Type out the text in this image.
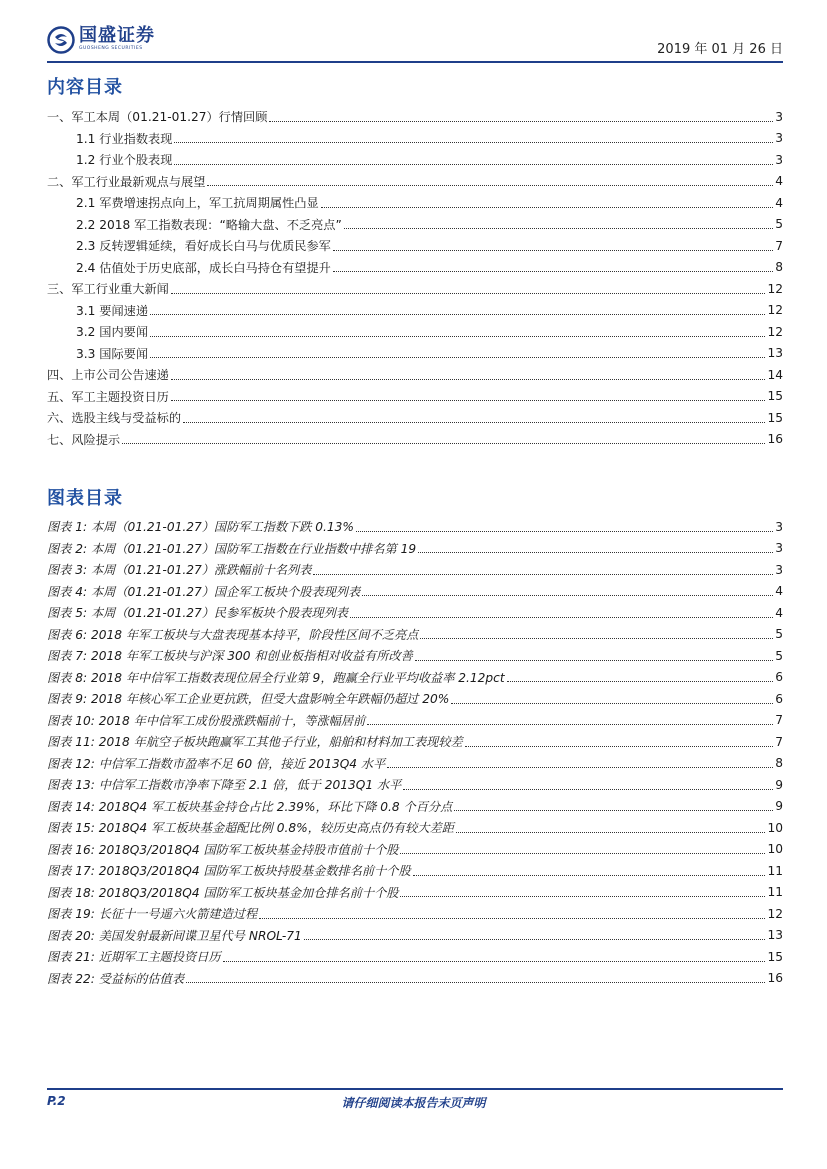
国盛证券
GUOSHENG SECURITIES	2019 年 01 月 26 日
内容目录
一、军工本周（01.21-01.27）行情回顾	3
1.1 行业指数表现	3
1.2 行业个股表现	3
二、军工行业最新观点与展望	4
2.1 军费增速拐点向上，军工抗周期属性凸显	4
2.2 2018 军工指数表现：“略输大盘、不乏亮点”	5
2.3 反转逻辑延续，看好成长白马与优质民参军	7
2.4 估值处于历史底部，成长白马持仓有望提升	8
三、军工行业重大新闻	12
3.1 要闻速递	12
3.2 国内要闻	12
3.3 国际要闻	13
四、上市公司公告速递	14
五、军工主题投资日历	15
六、选股主线与受益标的	15
七、风险提示	16
图表目录
图表 1: 本周（01.21-01.27）国防军工指数下跌 0.13%	3
图表 2: 本周（01.21-01.27）国防军工指数在行业指数中排名第 19	3
图表 3: 本周（01.21-01.27）涨跌幅前十名列表	3
图表 4: 本周（01.21-01.27）国企军工板块个股表现列表	4
图表 5: 本周（01.21-01.27）民参军板块个股表现列表	4
图表 6: 2018 年军工板块与大盘表现基本持平，阶段性区间不乏亮点	5
图表 7: 2018 年军工板块与沪深 300 和创业板指相对收益有所改善	5
图表 8: 2018 年中信军工指数表现位居全行业第 9，跑赢全行业平均收益率 2.12pct	6
图表 9: 2018 年核心军工企业更抗跌，但受大盘影响全年跌幅仍超过 20%	6
图表 10: 2018 年中信军工成份股涨跌幅前十，等涨幅居前	7
图表 11: 2018 年航空子板块跑赢军工其他子行业，船舶和材料加工表现较差	7
图表 12: 中信军工指数市盈率不足 60 倍，接近 2013Q4 水平	8
图表 13: 中信军工指数市净率下降至 2.1 倍，低于 2013Q1 水平	9
图表 14: 2018Q4 军工板块基金持仓占比 2.39%，环比下降 0.8 个百分点	9
图表 15: 2018Q4 军工板块基金超配比例 0.8%，较历史高点仍有较大差距	10
图表 16: 2018Q3/2018Q4 国防军工板块基金持股市值前十个股	10
图表 17: 2018Q3/2018Q4 国防军工板块持股基金数排名前十个股	11
图表 18: 2018Q3/2018Q4 国防军工板块基金加仓排名前十个股	11
图表 19: 长征十一号遥六火箭建造过程	12
图表 20: 美国发射最新间谍卫星代号 NROL-71	13
图表 21: 近期军工主题投资日历	15
图表 22: 受益标的估值表	16
请仔细阅读本报告末页声明
P.2
